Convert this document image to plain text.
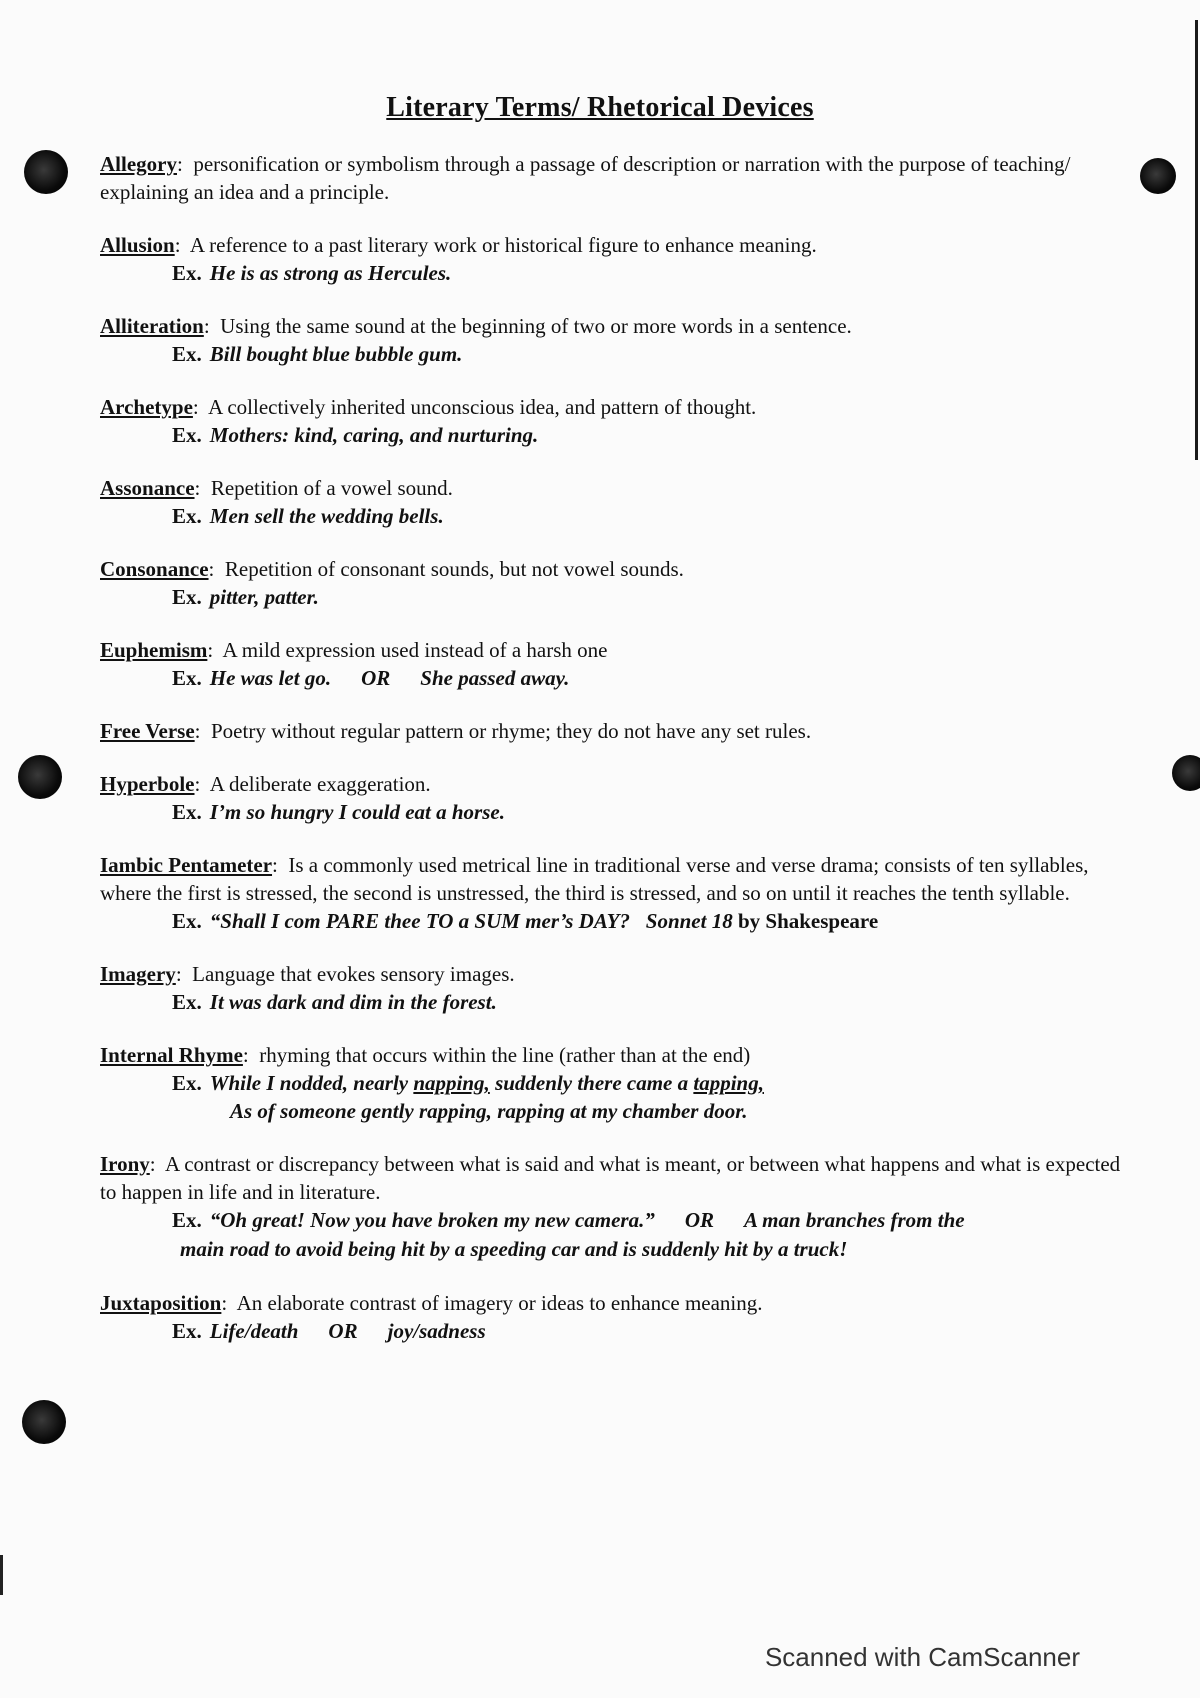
Literary Terms/ Rhetorical Devices
Allegory:  personification or symbolism through a passage of description or narration with the purpose of teaching/ explaining an idea and a principle.
Allusion:  A reference to a past literary work or historical figure to enhance meaning.
Ex. He is as strong as Hercules.
Alliteration:  Using the same sound at the beginning of two or more words in a sentence.
Ex. Bill bought blue bubble gum.
Archetype:  A collectively inherited unconscious idea, and pattern of thought.
Ex. Mothers: kind, caring, and nurturing.
Assonance:  Repetition of a vowel sound.
Ex. Men sell the wedding bells.
Consonance:  Repetition of consonant sounds, but not vowel sounds.
Ex. pitter, patter.
Euphemism:  A mild expression used instead of a harsh one
Ex. He was let go. OR She passed away.
Free Verse:  Poetry without regular pattern or rhyme; they do not have any set rules.
Hyperbole:  A deliberate exaggeration.
Ex. I’m so hungry I could eat a horse.
Iambic Pentameter:  Is a commonly used metrical line in traditional verse and verse drama; consists of ten syllables, where the first is stressed, the second is unstressed, the third is stressed, and so on until it reaches the tenth syllable.
Ex. “Shall I com PARE thee TO a SUM mer’s DAY? Sonnet 18 by Shakespeare
Imagery:  Language that evokes sensory images.
Ex. It was dark and dim in the forest.
Internal Rhyme:  rhyming that occurs within the line (rather than at the end)
Ex. While I nodded, nearly napping, suddenly there came a tapping,
As of someone gently rapping, rapping at my chamber door.
Irony:  A contrast or discrepancy between what is said and what is meant, or between what happens and what is expected to happen in life and in literature.
Ex. “Oh great! Now you have broken my new camera.” OR A man branches from the
main road to avoid being hit by a speeding car and is suddenly hit by a truck!
Juxtaposition:  An elaborate contrast of imagery or ideas to enhance meaning.
Ex. Life/death OR joy/sadness
Scanned with CamScanner
